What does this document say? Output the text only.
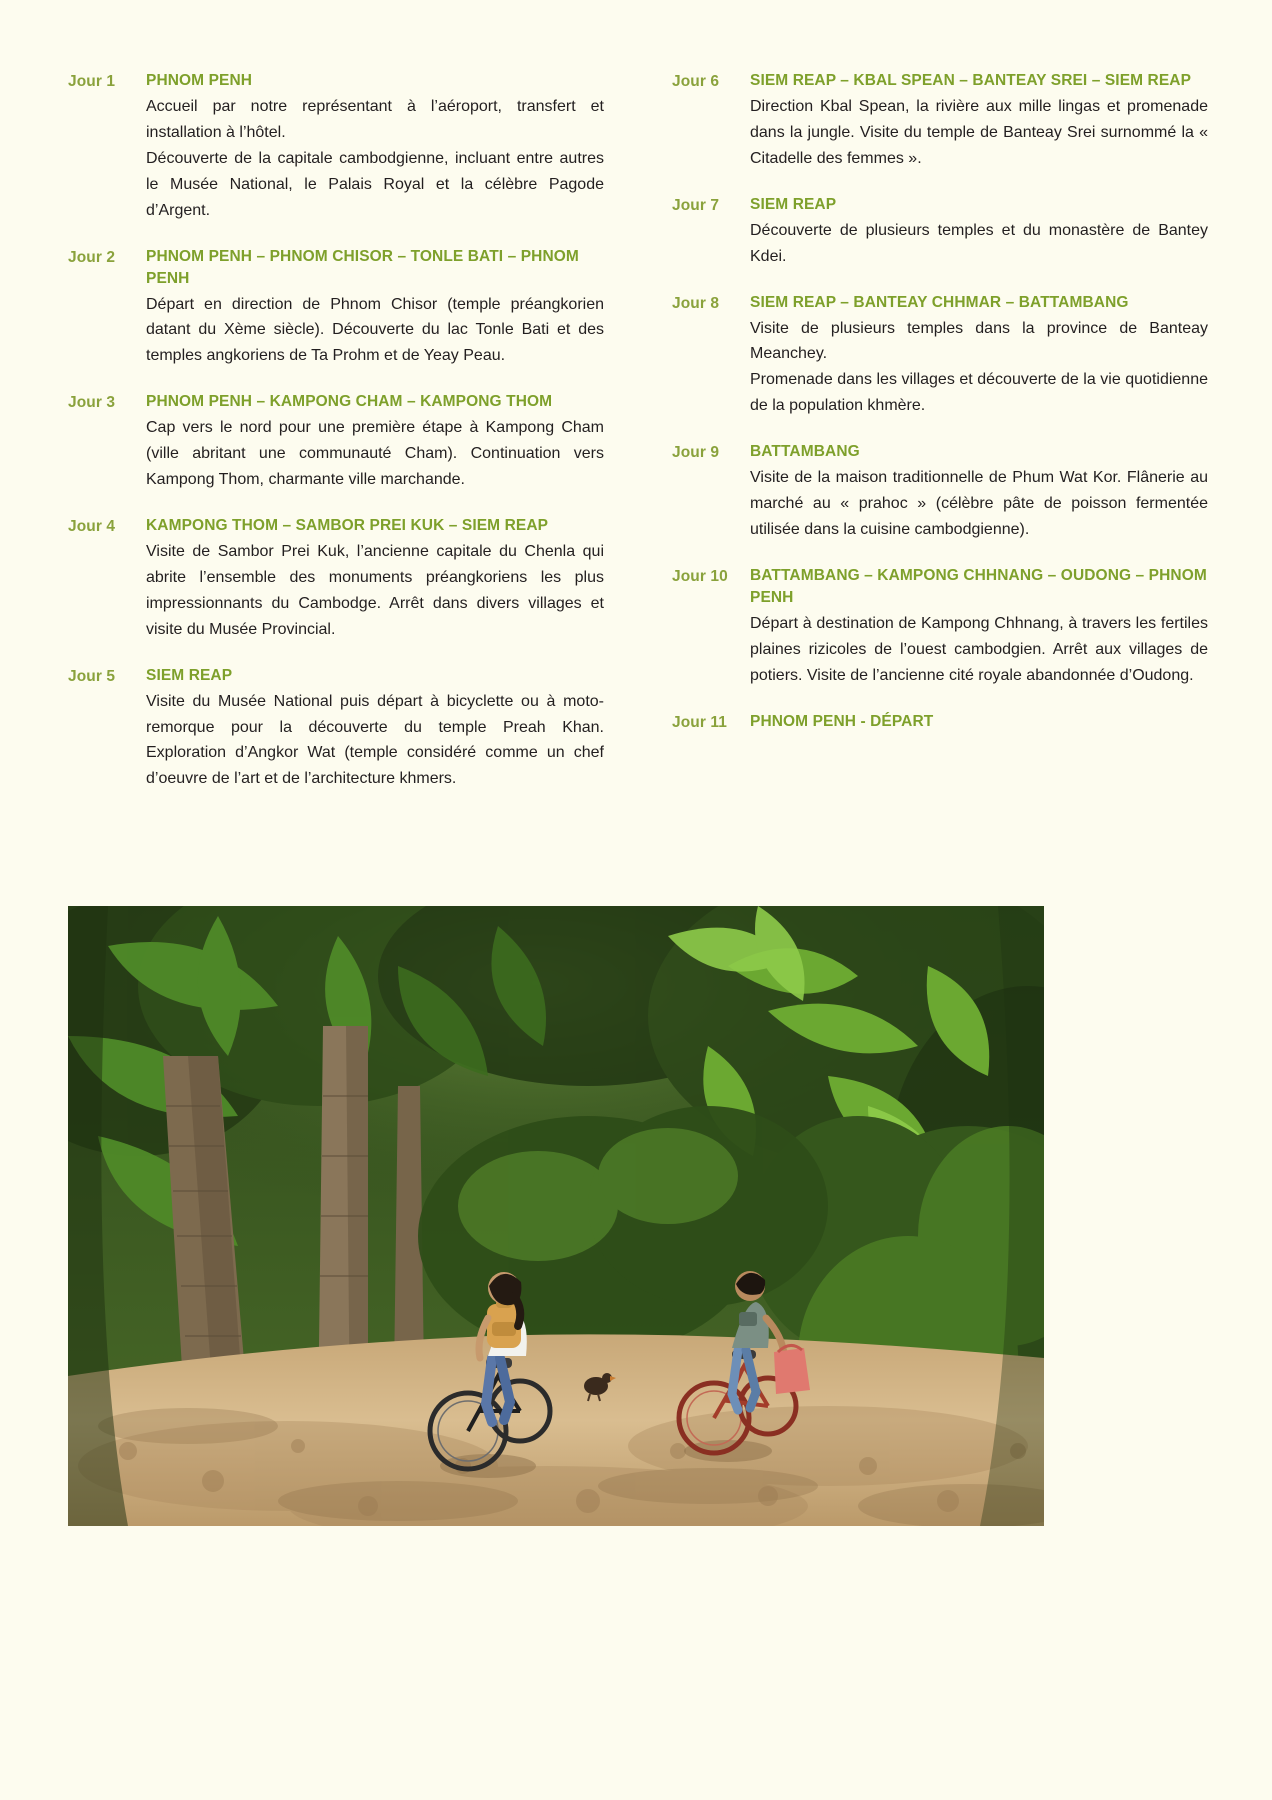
Jour 1	PHNOM PENH

Accueil par notre représentant à l’aéroport, transfert et installation à l’hôtel.

Découverte de la capitale cambodgienne, incluant entre autres le Musée National, le Palais Royal et la célèbre Pagode d’Argent.

Jour 2	PHNOM PENH – PHNOM CHISOR – TONLE BATI – PHNOM PENH

Départ en direction de Phnom Chisor (temple préangkorien datant du Xème siècle). Découverte du lac Tonle Bati et des temples angkoriens de Ta Prohm et de Yeay Peau.

Jour 3	PHNOM PENH – KAMPONG CHAM – KAMPONG THOM

Cap vers le nord pour une première étape à Kampong Cham (ville abritant une communauté Cham). Continuation vers Kampong Thom, charmante ville marchande.

Jour 4	KAMPONG THOM – SAMBOR PREI KUK – SIEM REAP

Visite de Sambor Prei Kuk, l’ancienne capitale du Chenla qui abrite l’ensemble des monuments préangkoriens les plus impressionnants du Cambodge. Arrêt dans divers villages et visite du Musée Provincial.

Jour 5	SIEM REAP

Visite du Musée National puis départ à bicyclette ou à moto-remorque pour la découverte du temple Preah Khan. Exploration d’Angkor Wat (temple considéré comme un chef d’oeuvre de l’art et de l’architecture khmers.

Jour 6	SIEM REAP – KBAL SPEAN – BANTEAY SREI – SIEM REAP

Direction Kbal Spean, la rivière aux mille lingas et promenade dans la jungle. Visite du temple de Banteay Srei surnommé la « Citadelle des femmes ».

Jour 7	SIEM REAP

Découverte de plusieurs temples et du monastère de Bantey Kdei.

Jour 8	SIEM REAP – BANTEAY CHHMAR – BATTAMBANG

Visite de plusieurs temples dans la province de Banteay Meanchey.

Promenade dans les villages et découverte de la vie quotidienne de la population khmère.

Jour 9	BATTAMBANG

Visite de la maison traditionnelle de Phum Wat Kor. Flânerie au marché au « prahoc » (célèbre pâte de poisson fermentée utilisée dans la cuisine cambodgienne).

Jour 10	BATTAMBANG – KAMPONG CHHNANG – OUDONG – PHNOM PENH

Départ à destination de Kampong Chhnang, à travers les fertiles plaines rizicoles de l’ouest cambodgien. Arrêt aux villages de potiers. Visite de l’ancienne cité royale abandonnée d’Oudong.

Jour 11	PHNOM PENH - DÉPART
